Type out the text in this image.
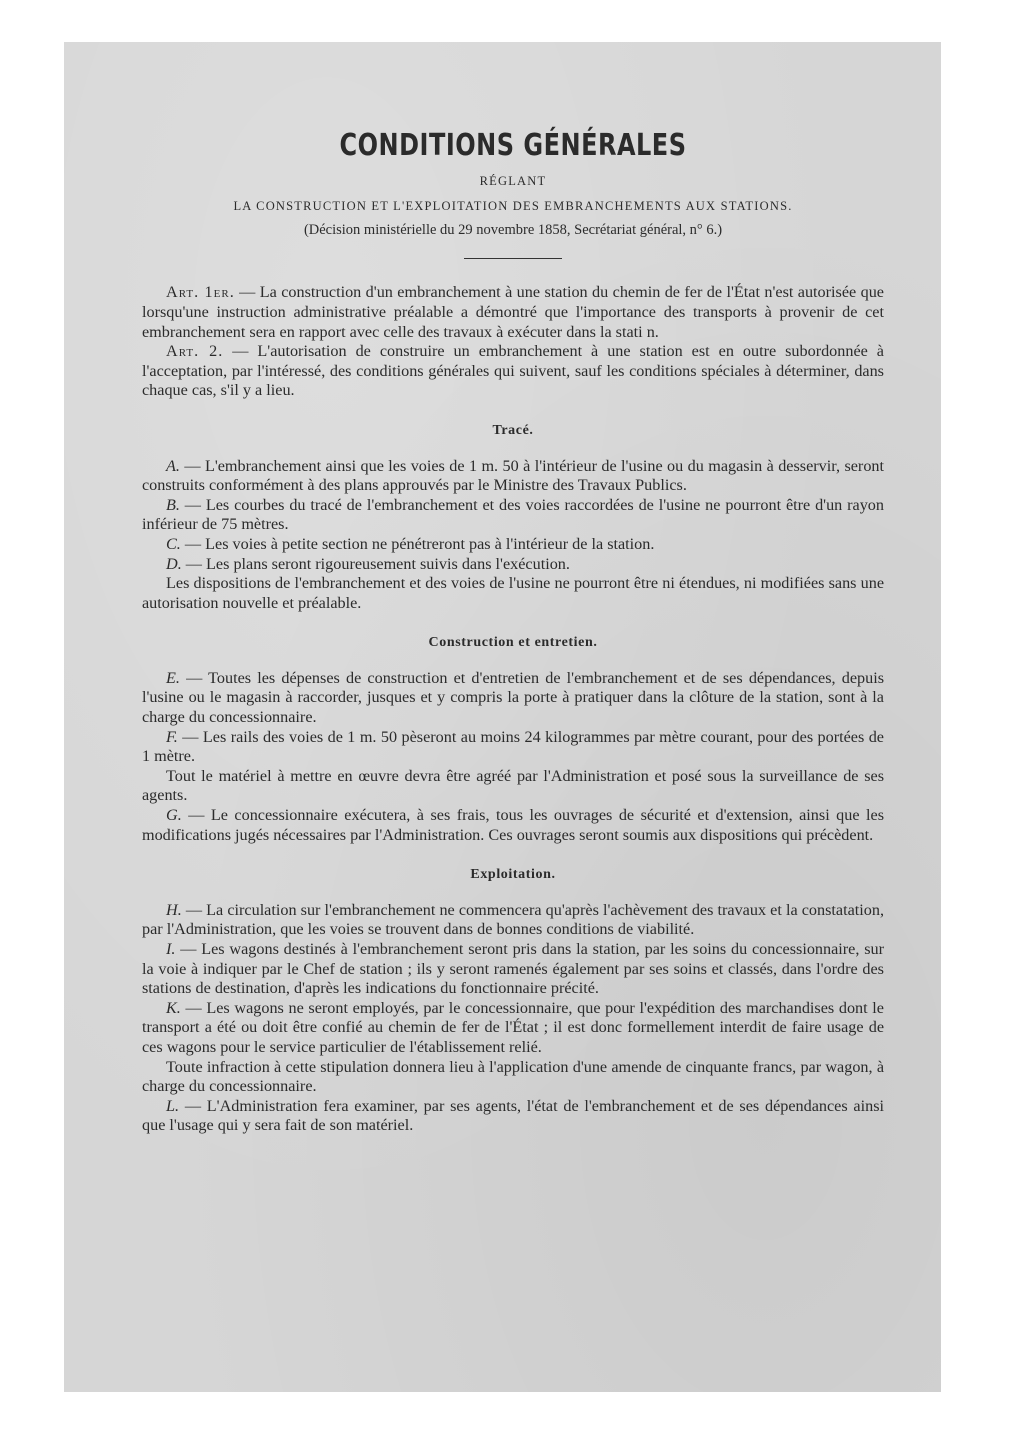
CONDITIONS GÉNÉRALES
RÉGLANT
LA CONSTRUCTION ET L'EXPLOITATION DES EMBRANCHEMENTS AUX STATIONS.
(Décision ministérielle du 29 novembre 1858, Secrétariat général, n° 6.)

Art. 1er. — La construction d'un embranchement à une station du chemin de fer de l'État n'est autorisée que lorsqu'une instruction administrative préalable a démontré que l'importance des transports à provenir de cet embranchement sera en rapport avec celle des travaux à exécuter dans la stati n.

Art. 2. — L'autorisation de construire un embranchement à une station est en outre subordonnée à l'acceptation, par l'intéressé, des conditions générales qui suivent, sauf les conditions spéciales à déterminer, dans chaque cas, s'il y a lieu.

Tracé.

A. — L'embranchement ainsi que les voies de 1 m. 50 à l'intérieur de l'usine ou du magasin à desservir, seront construits conformément à des plans approuvés par le Ministre des Travaux Publics.

B. — Les courbes du tracé de l'embranchement et des voies raccordées de l'usine ne pourront être d'un rayon inférieur de 75 mètres.

C. — Les voies à petite section ne pénétreront pas à l'intérieur de la station.

D. — Les plans seront rigoureusement suivis dans l'exécution.

Les dispositions de l'embranchement et des voies de l'usine ne pourront être ni étendues, ni modifiées sans une autorisation nouvelle et préalable.

Construction et entretien.

E. — Toutes les dépenses de construction et d'entretien de l'embranchement et de ses dépendances, depuis l'usine ou le magasin à raccorder, jusques et y compris la porte à pratiquer dans la clôture de la station, sont à la charge du concessionnaire.

F. — Les rails des voies de 1 m. 50 pèseront au moins 24 kilogrammes par mètre courant, pour des portées de 1 mètre.

Tout le matériel à mettre en œuvre devra être agréé par l'Administration et posé sous la surveillance de ses agents.

G. — Le concessionnaire exécutera, à ses frais, tous les ouvrages de sécurité et d'extension, ainsi que les modifications jugés nécessaires par l'Administration. Ces ouvrages seront soumis aux dispositions qui précèdent.

Exploitation.

H. — La circulation sur l'embranchement ne commencera qu'après l'achèvement des travaux et la constatation, par l'Administration, que les voies se trouvent dans de bonnes conditions de viabilité.

I. — Les wagons destinés à l'embranchement seront pris dans la station, par les soins du concessionnaire, sur la voie à indiquer par le Chef de station ; ils y seront ramenés également par ses soins et classés, dans l'ordre des stations de destination, d'après les indications du fonctionnaire précité.

K. — Les wagons ne seront employés, par le concessionnaire, que pour l'expédition des marchandises dont le transport a été ou doit être confié au chemin de fer de l'État ; il est donc formellement interdit de faire usage de ces wagons pour le service particulier de l'établissement relié.

Toute infraction à cette stipulation donnera lieu à l'application d'une amende de cinquante francs, par wagon, à charge du concessionnaire.

L. — L'Administration fera examiner, par ses agents, l'état de l'embranchement et de ses dépendances ainsi que l'usage qui y sera fait de son matériel.
